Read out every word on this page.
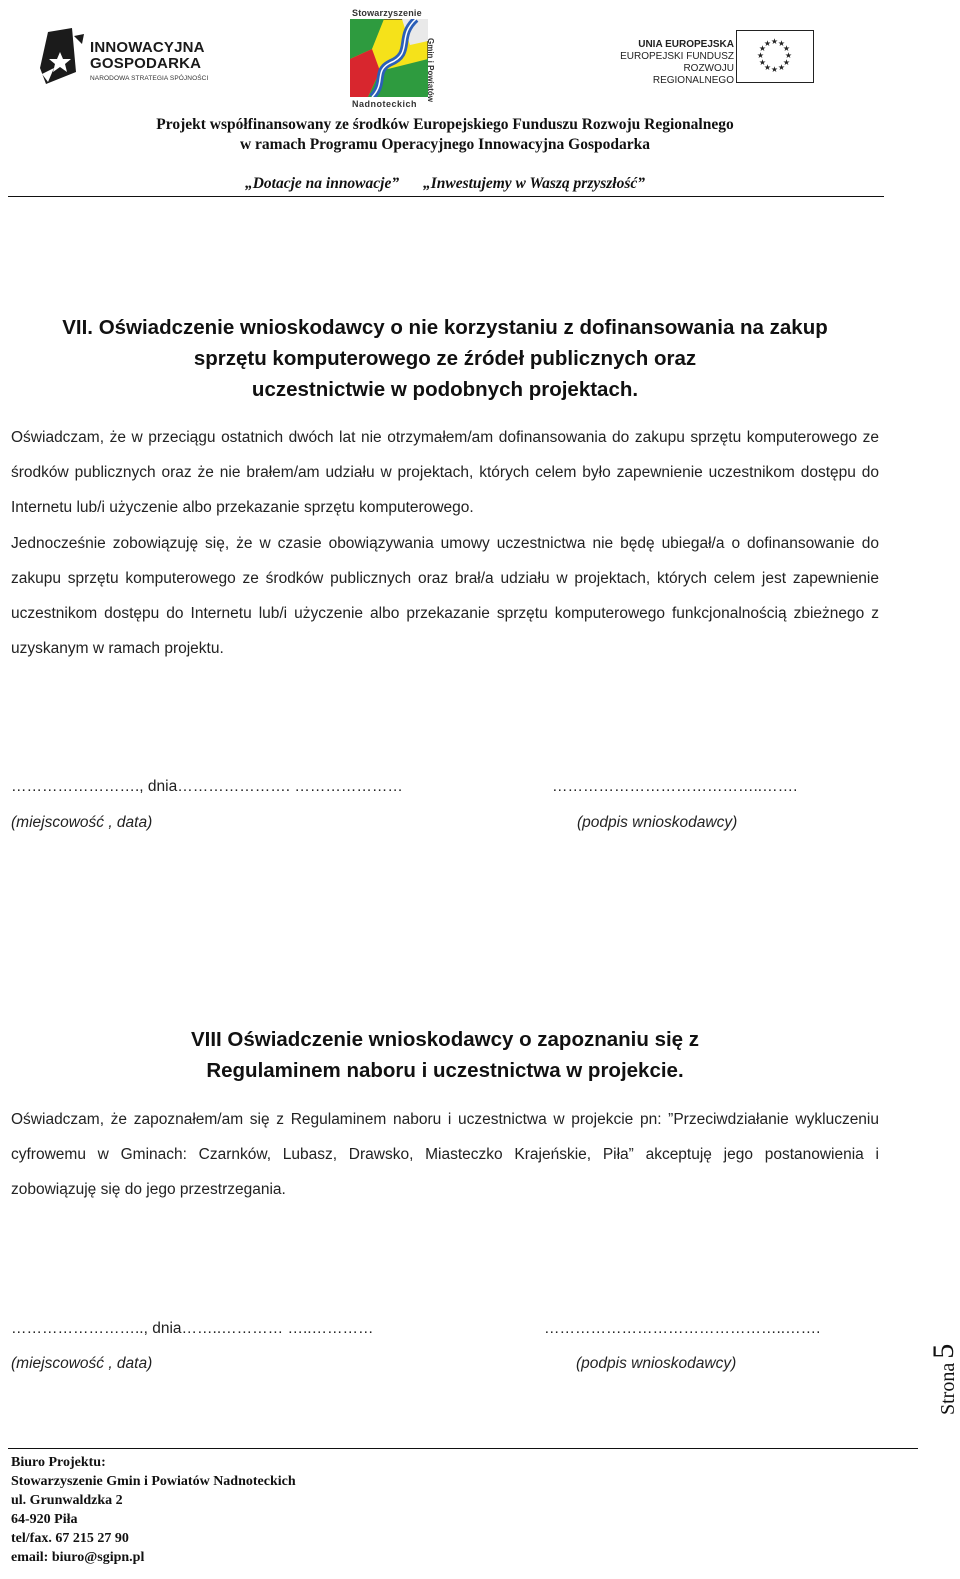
INNOWACYJNA
GOSPODARKA
NARODOWA STRATEGIA SPÓJNOŚCI
Stowarzyszenie
Gmin i Powiatów
Nadnoteckich
UNIA EUROPEJSKA
EUROPEJSKI FUNDUSZ
ROZWOJU REGIONALNEGO
★ ★
★
★
★
★
★
★
★
★
★
★
Projekt współfinansowany ze środków Europejskiego Funduszu Rozwoju Regionalnego
w ramach Programu Operacyjnego Innowacyjna Gospodarka
„Dotacje na innowacje” „Inwestujemy w Waszą przyszłość”
VII. Oświadczenie wnioskodawcy o nie korzystaniu z dofinansowania na zakup
sprzętu komputerowego ze źródeł publicznych oraz
uczestnictwie w podobnych projektach.

Oświadczam, że w przeciągu ostatnich dwóch lat nie otrzymałem/am dofinansowania do zakupu sprzętu komputerowego ze środków publicznych oraz że nie brałem/am udziału w projektach, których celem było zapewnienie uczestnikom dostępu do Internetu lub/i użyczenie albo przekazanie sprzętu komputerowego.

Jednocześnie zobowiązuję się, że w czasie obowiązywania umowy uczestnictwa nie będę ubiegał/a o dofinansowanie do zakupu sprzętu komputerowego ze środków publicznych oraz brał/a udziału w projektach, których celem jest zapewnienie uczestnikom dostępu do Internetu lub/i użyczenie albo przekazanie sprzętu komputerowego funkcjonalnością zbieżnego z uzyskanym w ramach projektu.

……………………., dnia…………………. …………………	…………………………………..…….
(miejscowość , data)	(podpis wnioskodawcy)
VIII Oświadczenie wnioskodawcy o zapoznaniu się z
Regulaminem naboru i uczestnictwa w projekcie.

Oświadczam, że zapoznałem/am się z Regulaminem naboru i uczestnictwa w projekcie pn: ”Przeciwdziałanie wykluczeniu cyfrowemu w Gminach: Czarnków, Lubasz, Drawsko, Miasteczko Krajeńskie, Piła” akceptuję jego postanowienia i zobowiązuję się do jego przestrzegania.

…………………….., dnia……..………… …..…………	………………………………………..…….
(miejscowość , data)	(podpis wnioskodawcy)	Strona
5
Biuro Projektu:
Stowarzyszenie Gmin i Powiatów Nadnoteckich
ul. Grunwaldzka 2
64-920 Piła
tel/fax. 67 215 27 90
email: biuro@sgipn.pl
